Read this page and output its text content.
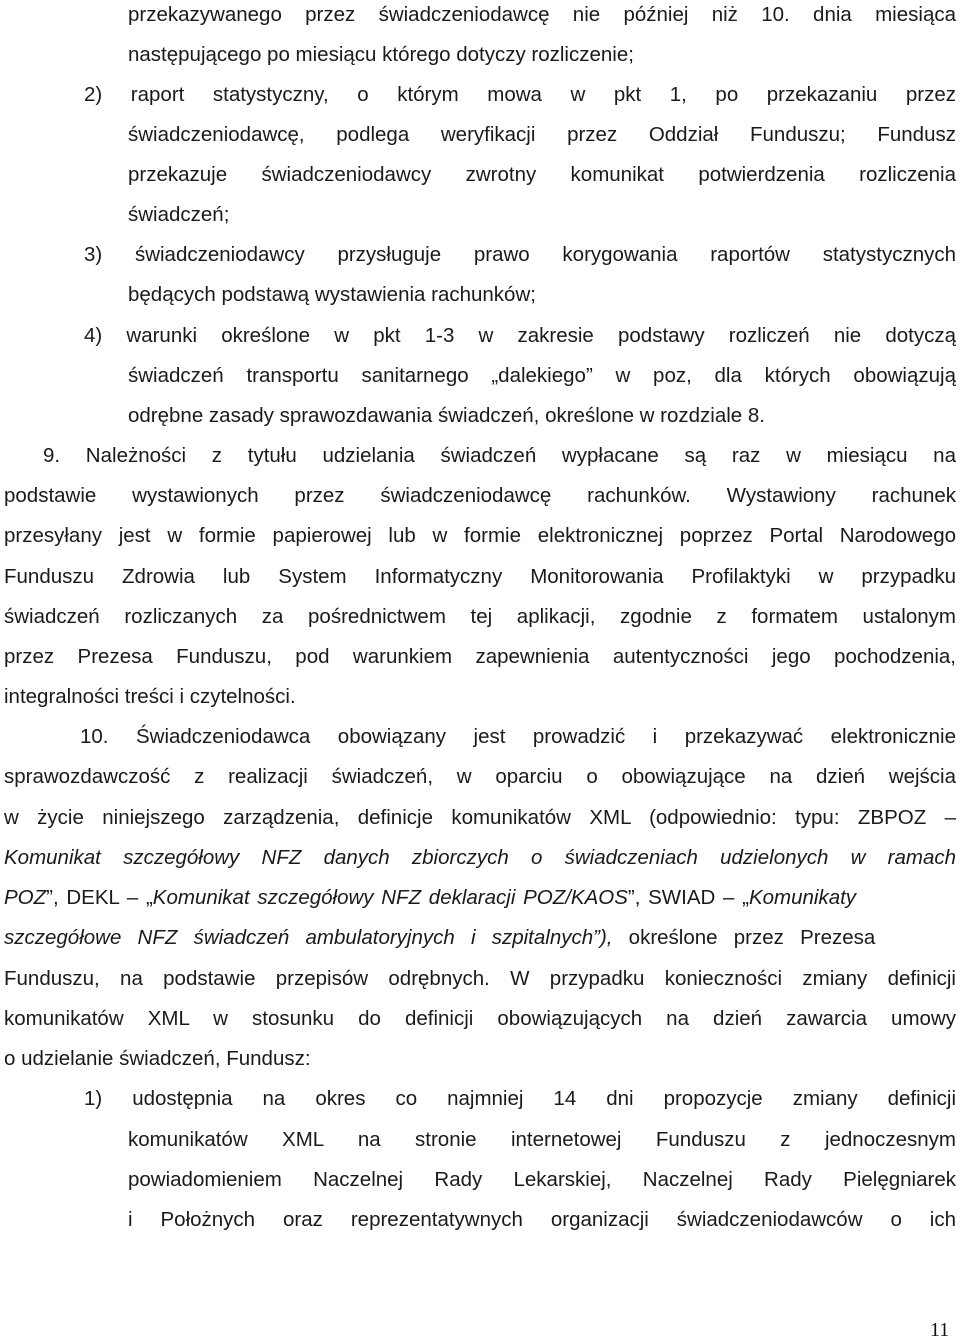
przekazywanego przez świadczeniodawcę nie później niż 10. dnia miesiąca
następującego po miesiącu którego dotyczy rozliczenie;
2) raport statystyczny, o którym mowa w pkt 1, po przekazaniu przez
świadczeniodawcę, podlega weryfikacji przez Oddział Funduszu; Fundusz
przekazuje świadczeniodawcy zwrotny komunikat potwierdzenia rozliczenia
świadczeń;
3) świadczeniodawcy przysługuje prawo korygowania raportów statystycznych
będących podstawą wystawienia rachunków;
4) warunki określone w pkt 1-3 w zakresie podstawy rozliczeń nie dotyczą
świadczeń transportu sanitarnego „dalekiego” w poz, dla których obowiązują
odrębne zasady sprawozdawania świadczeń, określone w rozdziale 8.
9. Należności z tytułu udzielania świadczeń wypłacane są raz w miesiącu na
podstawie wystawionych przez świadczeniodawcę rachunków. Wystawiony rachunek
przesyłany jest w formie papierowej lub w formie elektronicznej poprzez Portal Narodowego
Funduszu Zdrowia lub System Informatyczny Monitorowania Profilaktyki w przypadku
świadczeń rozliczanych za pośrednictwem tej aplikacji, zgodnie z formatem ustalonym
przez Prezesa Funduszu, pod warunkiem zapewnienia autentyczności jego pochodzenia,
integralności treści i czytelności.
10. Świadczeniodawca obowiązany jest prowadzić i przekazywać elektronicznie
sprawozdawczość z realizacji świadczeń, w oparciu o obowiązujące na dzień wejścia
w życie niniejszego zarządzenia, definicje komunikatów XML (odpowiednio: typu: ZBPOZ –
Komunikat szczegółowy NFZ danych zbiorczych o świadczeniach udzielonych w ramach
POZ”, DEKL – „Komunikat szczegółowy NFZ deklaracji POZ/KAOS”, SWIAD – „Komunikaty
szczegółowe NFZ świadczeń ambulatoryjnych i szpitalnych”), określone przez Prezesa
Funduszu, na podstawie przepisów odrębnych. W przypadku konieczności zmiany definicji
komunikatów XML w stosunku do definicji obowiązujących na dzień zawarcia umowy
o udzielanie świadczeń, Fundusz:
1) udostępnia na okres co najmniej 14 dni propozycje zmiany definicji
komunikatów XML na stronie internetowej Funduszu z jednoczesnym
powiadomieniem Naczelnej Rady Lekarskiej, Naczelnej Rady Pielęgniarek
i Położnych oraz reprezentatywnych organizacji świadczeniodawców o ich
11
